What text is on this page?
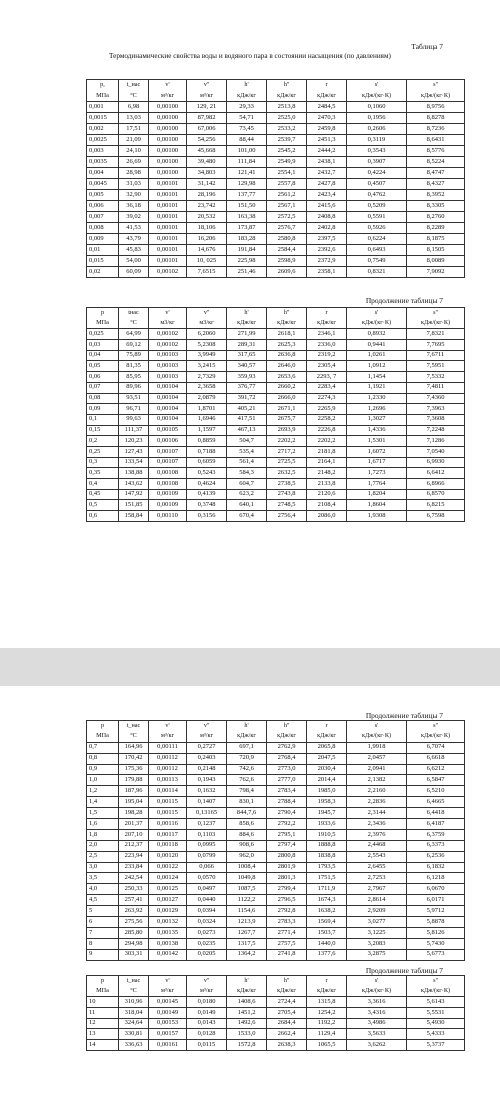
Таблица 7
Термодинамические свойства воды и водяного пара в состоянии насыщения (по давлениям)
Продолжение таблицы 7
Продолжение таблицы 7
Продолжение таблицы 7
p,	t_нас	v'	v''	h'	h''	r	s'	s''
МПа	°С	м³/кг	м³/кг	кДж/кг	кДж/кг	кДж/кг	кДж/(кг·К)	кДж/(кг·К)
0,001	6,98	0,00100	129, 21	29,33	2513,8	2484,5	0,1060	8,9756
0,0015	13,03	0,00100	87,982	54,71	2525,0	2470,3	0,1956	8,8278
0,002	17,51	0,00100	67,006	73,45	2533,2	2459,8	0,2606	8,7236
0,0025	21,09	0,00100	54,256	88,44	2539,7	2451,3	0,3119	8,6431
0,003	24,10	0,00100	45,668	101,00	2545,2	2444,2	0,3543	8,5776
0,0035	26,69	0,00100	39,480	111,84	2549,9	2438,1	0,3907	8,5224
0,004	28,98	0,00100	34,803	121,41	2554,1	2432,7	0,4224	8,4747
0,0045	31,03	0,00101	31,142	129,98	2557,8	2427,8	0,4507	8,4327
0,005	32,90	0,00101	28,196	137,77	2561,2	2423,4	0,4762	8,3952
0,006	36,18	0,00101	23,742	151,50	2567,1	2415,6	0,5209	8,3305
0,007	39,02	0,00101	20,532	163,38	2572,5	2408,8	0,5591	8,2760
0,008	41,53	0,00101	18,106	173,87	2576,7	2402,8	0,5926	8,2289
0,009	43,79	0,00101	16,206	183,28	2580,8	2397,5	0,6224	8,1875
0,01	45,83	0,00101	14,676	191,84	2584,4	2392,6	0,6493	8,1505
0,015	54,00	0,00101	10, 025	225,98	2598,9	2372,9	0,7549	8,0089
0,02	60,09	0,00102	7,6515	251,46	2609,6	2358,1	0,8321	7,9092
p	tнас	v'	v''	h'	h''	r	s'	s''
МПа	°С	м3/кг	м3/кг	кДж/кг	кДж/кг	кДж/кг	кДж/(кг·К)	кДж/(кг·К)
0,025	64,99	0,00102	6,2060	271,99	2618,1	2346,1	0,8932	7,8321
0,03	69,12	0,00102	5,2308	289,31	2625,3	2336,0	0,9441	7,7695
0,04	75,89	0,00103	3,9949	317,65	2636,8	2319,2	1,0261	7,6711
0,05	81,35	0,00103	3,2415	340,57	2646,0	2305,4	1,0912	7,5951
0,06	85,95	0,00103	2,7329	359,93	2653,6	2293, 7	1,1454	7,5332
0,07	89,96	0,00104	2,3658	376,77	2660,2	2283,4	1,1921	7,4811
0,08	93,51	0,00104	2,0879	391,72	2666,0	2274,3	1,2330	7,4360
0,09	96,71	0,00104	1,8701	405,21	2671,1	2265,9	1,2696	7,3963
0,1	99,63	0,00104	1,6946	417,51	2675,7	2258,2	1,3027	7,3608
0,15	111,37	0,00105	1,1597	467,13	2693,9	2226,8	1,4336	7,2248
0,2	120,23	0,00106	0,8859	504,7	2202,2	2202,2	1,5301	7,1286
0,25	127,43	0,00107	0,7188	535,4	2717,2	2181,8	1,6072	7,0540
0,3	133,54	0,00107	0,6059	561,4	2725,5	2164,1	1,6717	6,9930
0,35	138,88	0,00108	0,5243	584,3	2632,5	2148,2	1,7273	6,6412
0,4	143,62	0,00108	0,4624	604,7	2738,5	2133,8	1,7764	6,8966
0,45	147,92	0,00109	0,4139	623,2	2743,8	2120,6	1,8204	6,8570
0,5	151,85	0,00109	0,3748	640,1	2748,5	2108,4	1,8604	6,8215
0,6	158,84	0,00110	0,3156	670,4	2756,4	2086,0	1,9308	6,7598
p	t_нас	v'	v''	h'	h''	r	s'	s''
МПа	°С	м³/кг	м³/кг	кДж/кг	кДж/кг	кДж/кг	кДж/(кг·К)	кДж/(кг·К)
0,7	164,96	0,00111	0,2727	697,1	2762,9	2065,8	1,9918	6,7074
0,8	170,42	0,00112	0,2403	720,9	2768,4	2047,5	2,0457	6,6618
0,9	175,36	0,00112	0,2148	742,6	2773,0	2030,4	2,0941	6,6212
1,0	179,88	0,00113	0,1943	762,6	2777,0	2014,4	2,1382	6,5847
1,2	187,96	0,00114	0,1632	798,4	2783,4	1985,0	2,2160	6,5210
1,4	195,04	0,00115	0,1407	830,1	2788,4	1958,3	2,2836	6,4665
1,5	198,28	0,00115	0,13165	844,7,6	2790,4	1945,7	2,3144	6,4418
1,6	201,37	0,00116	0,1237	858,6	2792,2	1933,6	2,3436	6,4187
1,8	207,10	0,00117	0,1103	884,6	2795,1	1910,5	2,3976	6,3759
2,0	212,37	0,00118	0,0995	908,6	2797,4	1888,8	2,4468	6,3373
2,5	223,94	0,00120	0,0799	962,0	2800,8	1838,8	2,5543	6,2536
3,0	233,84	0,00122	0,066	1008,4	2801,9	1793,5	2,6455	6,1832
3,5	242,54	0,00124	0,0570	1049,8	2801,3	1751,5	2,7253	6,1218
4,0	250,33	0,00125	0,0497	1087,5	2799,4	1711,9	2,7967	6,0670
4,5	257,41	0,00127	0,0440	1122,2	2796,5	1674,3	2,8614	6,0171
5	263,92	0,00129	0,0394	1154,6	2792,8	1638,2	2,9209	5,9712
6	275,56	0,00132	0,0324	1213,9	2783,3	1569,4	3,0277	5,8878
7	285,80	0,00135	0,0273	1267,7	2771,4	1503,7	3,1225	5,8126
8	294,98	0,00138	0,0235	1317,5	2757,5	1440,0	3,2083	5,7430
9	303,31	0,00142	0,0205	1364,2	2741,8	1377,6	3,2875	5,6773
p	t_нас	v'	v''	h'	h''	r	s'	s''
МПа	°С	м³/кг	м³/кг	кДж/кг	кДж/кг	кДж/кг	кДж/(кг·К)	кДж/(кг·К)
10	310,96	0,00145	0,0180	1408,6	2724,4	1315,8	3,3616	5,6143
11	318,04	0,00149	0,0149	1451,2	2705,4	1254,2	3,4316	5,5531
12	324,64	0,00153	0,0143	1492,6	2684,4	1192,2	3,4986	5,4930
13	330,81	0,00157	0,0128	1533,0	2662,4	1129,4	3,5633	5,4333
14	336,63	0,00161	0,0115	1572,8	2638,3	1065,5	3,6262	5,3737
